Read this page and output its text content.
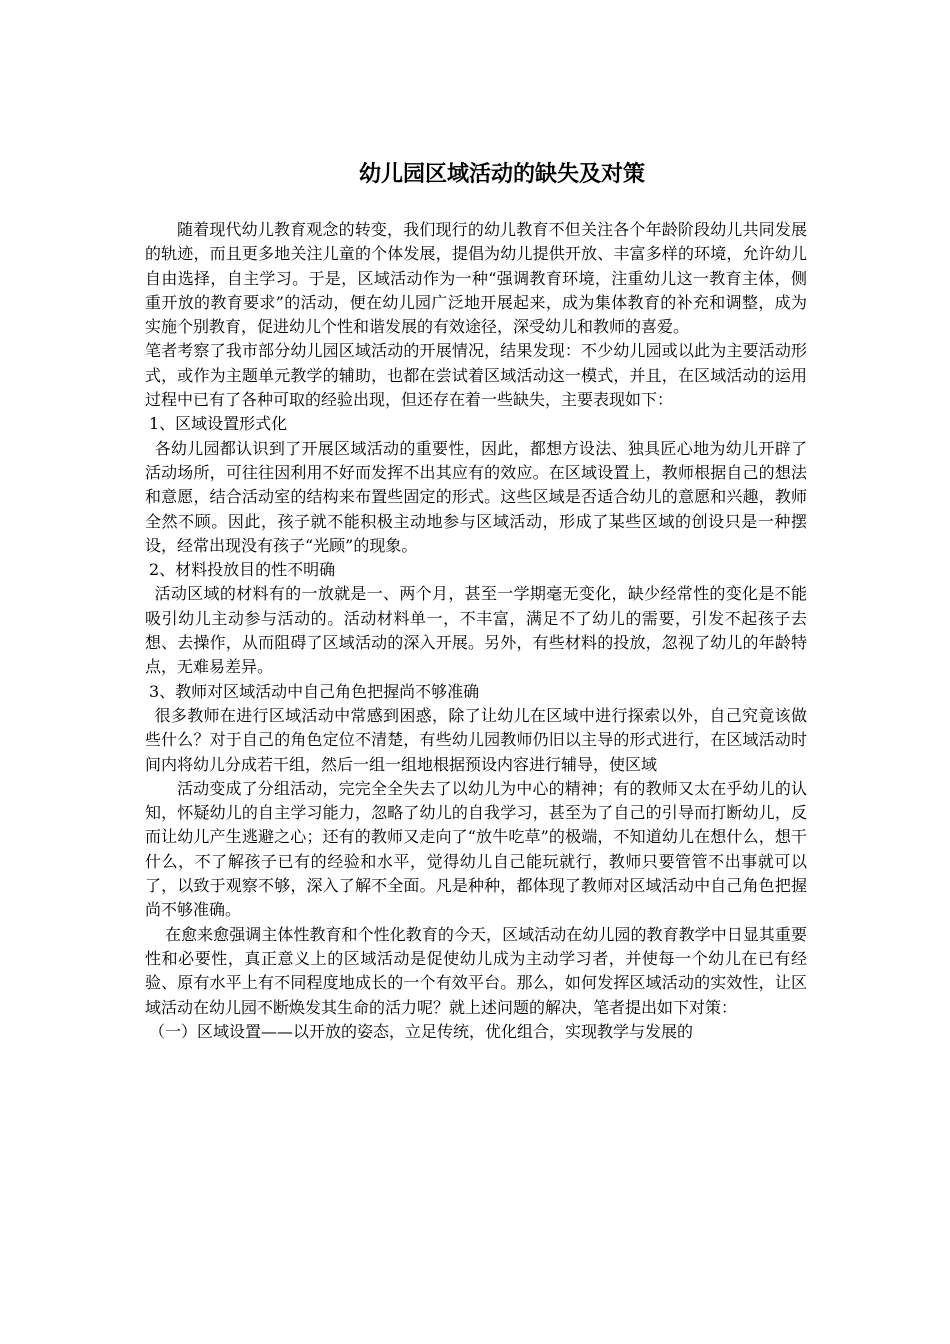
幼儿园区域活动的缺失及对策

随着现代幼儿教育观念的转变，我们现行的幼儿教育不但关注各个年龄阶段幼儿共同发展的轨迹，而且更多地关注儿童的个体发展，提倡为幼儿提供开放、丰富多样的环境，允许幼儿自由选择，自主学习。于是，区域活动作为一种“强调教育环境，注重幼儿这一教育主体，侧重开放的教育要求”的活动，便在幼儿园广泛地开展起来，成为集体教育的补充和调整，成为实施个别教育，促进幼儿个性和谐发展的有效途径，深受幼儿和教师的喜爱。

笔者考察了我市部分幼儿园区域活动的开展情况，结果发现：不少幼儿园或以此为主要活动形式，或作为主题单元教学的辅助，也都在尝试着区域活动这一模式，并且，在区域活动的运用过程中已有了各种可取的经验出现，但还存在着一些缺失，主要表现如下：

1、区域设置形式化

各幼儿园都认识到了开展区域活动的重要性，因此，都想方设法、独具匠心地为幼儿开辟了活动场所，可往往因利用不好而发挥不出其应有的效应。在区域设置上，教师根据自己的想法和意愿，结合活动室的结构来布置些固定的形式。这些区域是否适合幼儿的意愿和兴趣，教师全然不顾。因此，孩子就不能积极主动地参与区域活动，形成了某些区域的创设只是一种摆设，经常出现没有孩子“光顾”的现象。

2、材料投放目的性不明确

活动区域的材料有的一放就是一、两个月，甚至一学期毫无变化，缺少经常性的变化是不能吸引幼儿主动参与活动的。活动材料单一，不丰富，满足不了幼儿的需要，引发不起孩子去想、去操作，从而阻碍了区域活动的深入开展。另外，有些材料的投放，忽视了幼儿的年龄特点，无难易差异。

3、教师对区域活动中自己角色把握尚不够准确

很多教师在进行区域活动中常感到困惑，除了让幼儿在区域中进行探索以外，自己究竟该做些什么？对于自己的角色定位不清楚，有些幼儿园教师仍旧以主导的形式进行，在区域活动时间内将幼儿分成若干组，然后一组一组地根据预设内容进行辅导，使区域

活动变成了分组活动，完完全全失去了以幼儿为中心的精神；有的教师又太在乎幼儿的认知，怀疑幼儿的自主学习能力，忽略了幼儿的自我学习，甚至为了自己的引导而打断幼儿，反而让幼儿产生逃避之心；还有的教师又走向了“放牛吃草”的极端，不知道幼儿在想什么，想干什么，不了解孩子已有的经验和水平，觉得幼儿自己能玩就行，教师只要管管不出事就可以了，以致于观察不够，深入了解不全面。凡是种种，都体现了教师对区域活动中自己角色把握尚不够准确。

在愈来愈强调主体性教育和个性化教育的今天，区域活动在幼儿园的教育教学中日显其重要性和必要性，真正意义上的区域活动是促使幼儿成为主动学习者，并使每一个幼儿在已有经验、原有水平上有不同程度地成长的一个有效平台。那么，如何发挥区域活动的实效性，让区域活动在幼儿园不断焕发其生命的活力呢？就上述问题的解决，笔者提出如下对策：

（一）区域设置——以开放的姿态，立足传统，优化组合，实现教学与发展的
